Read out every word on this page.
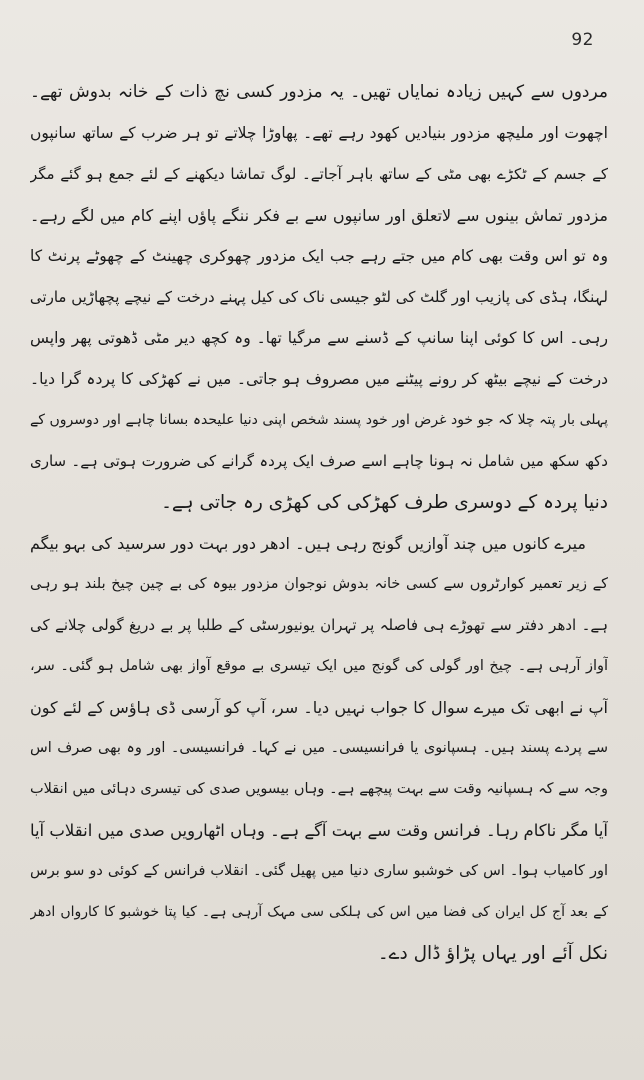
92
مردوں سے کہیں زیادہ نمایاں تھیں۔ یہ مزدور کسی نچ ذات کے خانہ بدوش تھے۔
اچھوت اور ملیچھ مزدور بنیادیں کھود رہے تھے۔ پھاوڑا چلاتے تو ہر ضرب کے ساتھ سانپوں
کے جسم کے ٹکڑے بھی مٹی کے ساتھ باہر آجاتے۔ لوگ تماشا دیکھنے کے لئے جمع ہو گئے مگر
مزدور تماش بینوں سے لاتعلق اور سانپوں سے بے فکر ننگے پاؤں اپنے کام میں لگے رہے۔
وہ تو اس وقت بھی کام میں جتے رہے جب ایک مزدور چھوکری چھینٹ کے چھوٹے پرنٹ کا
لہنگا، ہڈی کی پازیب اور گلٹ کی لٹو جیسی ناک کی کیل پہنے درخت کے نیچے پچھاڑیں مارتی
رہی۔ اس کا کوئی اپنا سانپ کے ڈسنے سے مرگیا تھا۔ وہ کچھ دیر مٹی ڈھوتی پھر واپس
درخت کے نیچے بیٹھ کر رونے پیٹنے میں مصروف ہو جاتی۔ میں نے کھڑکی کا پردہ گرا دیا۔
پہلی بار پتہ چلا کہ جو خود غرض اور خود پسند شخص اپنی دنیا علیحدہ بسانا چاہے اور دوسروں کے
دکھ سکھ میں شامل نہ ہونا چاہے اسے صرف ایک پردہ گرانے کی ضرورت ہوتی ہے۔ ساری
دنیا پردہ کے دوسری طرف کھڑکی کی کھڑی رہ جاتی ہے۔
میرے کانوں میں چند آوازیں گونج رہی ہیں۔ ادھر دور بہت دور سرسید کی بہو بیگم
کے زیر تعمیر کوارٹروں سے کسی خانہ بدوش نوجوان مزدور بیوہ کی بے چین چیخ بلند ہو رہی
ہے۔ ادھر دفتر سے تھوڑے ہی فاصلہ پر تہران یونیورسٹی کے طلبا پر بے دریغ گولی چلانے کی
آواز آرہی ہے۔ چیخ اور گولی کی گونج میں ایک تیسری بے موقع آواز بھی شامل ہو گئی۔ سر،
آپ نے ابھی تک میرے سوال کا جواب نہیں دیا۔ سر، آپ کو آرسی ڈی ہاؤس کے لئے کون
سے پردے پسند ہیں۔ ہسپانوی یا فرانسیسی۔ میں نے کہا۔ فرانسیسی۔ اور وہ بھی صرف اس
وجہ سے کہ ہسپانیہ وقت سے بہت پیچھے ہے۔ وہاں بیسویں صدی کی تیسری دہائی میں انقلاب
آیا مگر ناکام رہا۔ فرانس وقت سے بہت آگے ہے۔ وہاں اٹھارویں صدی میں انقلاب آیا
اور کامیاب ہوا۔ اس کی خوشبو ساری دنیا میں پھیل گئی۔ انقلاب فرانس کے کوئی دو سو برس
کے بعد آج کل ایران کی فضا میں اس کی ہلکی سی مہک آرہی ہے۔ کیا پتا خوشبو کا کارواں ادھر
نکل آئے اور یہاں پڑاؤ ڈال دے۔
